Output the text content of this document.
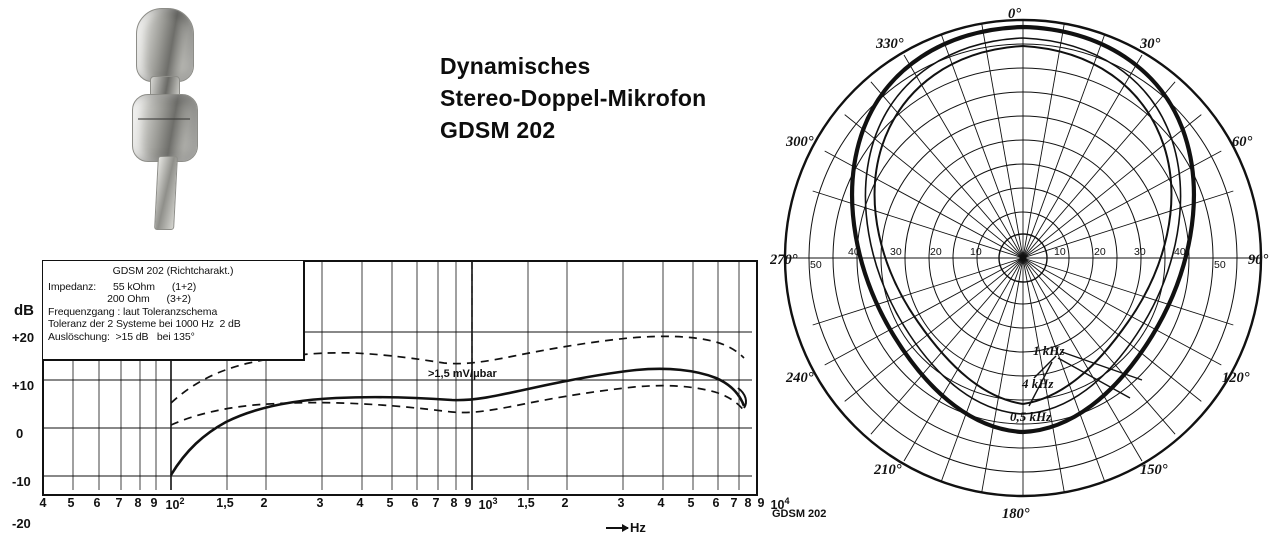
Dynamisches
Stereo-Doppel-Mikrofon
GDSM 202
dB
+20
+10
0
-10
-20
GDSM 202 (Richtcharakt.)
Impedanz:      55 kOhm      (1+2)
200 Ohm      (3+2)
Frequenzgang : laut Toleranzschema
Toleranz der 2 Systeme bei 1000 Hz  2 dB
Auslöschung:  >15 dB   bei 135°
>1,5 mV/μbar
4 5 6 7 8 9 $10^2$	1,5 2	3	4 5 6 7 8 9 $10^3$ 1,5 2	3	4 5 6 7 8 9 $10^4$
Hz
1 kHz
4 kHz
0,5 kHz
10
20
30
40
50
10	20	30	40
50
0°
30°
60°
90°
120°
150°
180°
210°
240°
270°
300°
330°
GDSM 202
